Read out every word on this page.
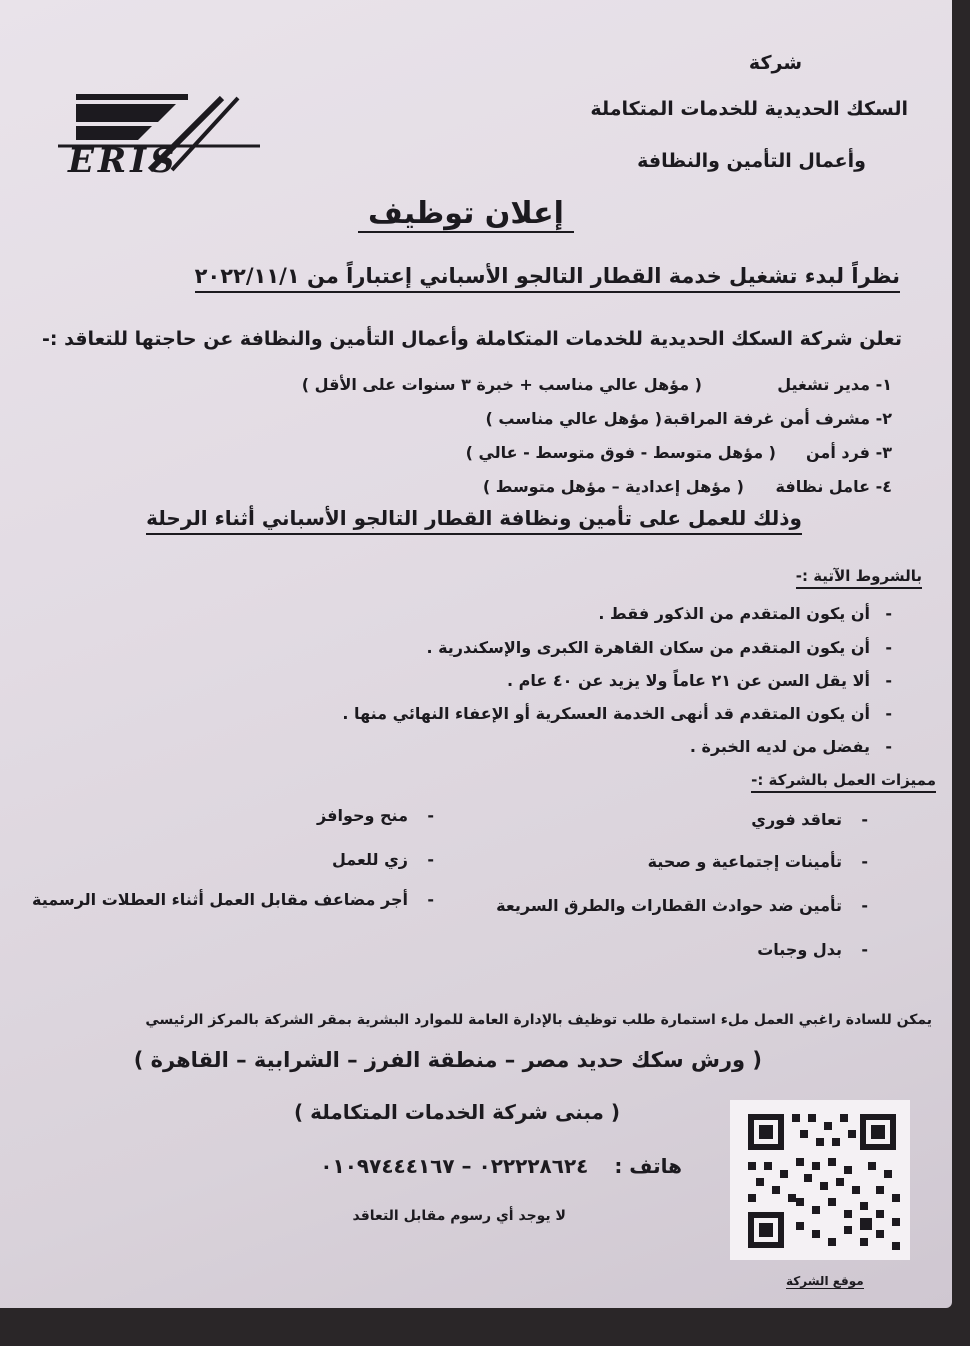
شركة
السكك الحديدية للخدمات المتكاملة
وأعمال التأمين والنظافة
ERIS
إعلان توظيف
نظراً لبدء تشغيل خدمة القطار التالجو الأسباني إعتباراً من ٢٠٢٢/١١/١
تعلن شركة السكك الحديدية للخدمات المتكاملة وأعمال التأمين والنظافة عن حاجتها للتعاقد :-
١- مدير تشغيل
( مؤهل عالي مناسب + خبرة ٣ سنوات على الأقل )
٢- مشرف أمن غرفة المراقبة
( مؤهل عالي مناسب )
٣- فرد أمن
( مؤهل متوسط - فوق متوسط - عالي )
٤- عامل نظافة
( مؤهل إعدادية – مؤهل متوسط )
وذلك للعمل على تأمين ونظافة القطار التالجو الأسباني أثناء الرحلة
بالشروط الآتية :-
-أن يكون المتقدم من الذكور فقط .
-أن يكون المتقدم من سكان القاهرة الكبرى والإسكندرية .
-ألا يقل السن عن ٢١ عاماً ولا يزيد عن ٤٠ عام .
-أن يكون المتقدم قد أنهى الخدمة العسكرية أو الإعفاء النهائي منها .
-يفضل من لديه الخبرة .
مميزات العمل بالشركة :-
-تعاقد فوري
-تأمينات إجتماعية و صحية
-تأمين ضد حوادث القطارات والطرق السريعة
-بدل وجبات
-منح وحوافز
-زي للعمل
-أجر مضاعف مقابل العمل أثناء العطلات الرسمية
يمكن للسادة راغبي العمل ملء استمارة طلب توظيف بالإدارة العامة للموارد البشرية بمقر الشركة بالمركز الرئيسي
( ورش سكك حديد مصر – منطقة الفرز – الشرابية – القاهرة )
( مبنى شركة الخدمات المتكاملة )
هاتف :  ٠٢٢٢٢٨٦٢٤ – ٠١٠٩٧٤٤٤١٦٧
لا يوجد أي رسوم مقابل التعاقد
موقع الشركة
